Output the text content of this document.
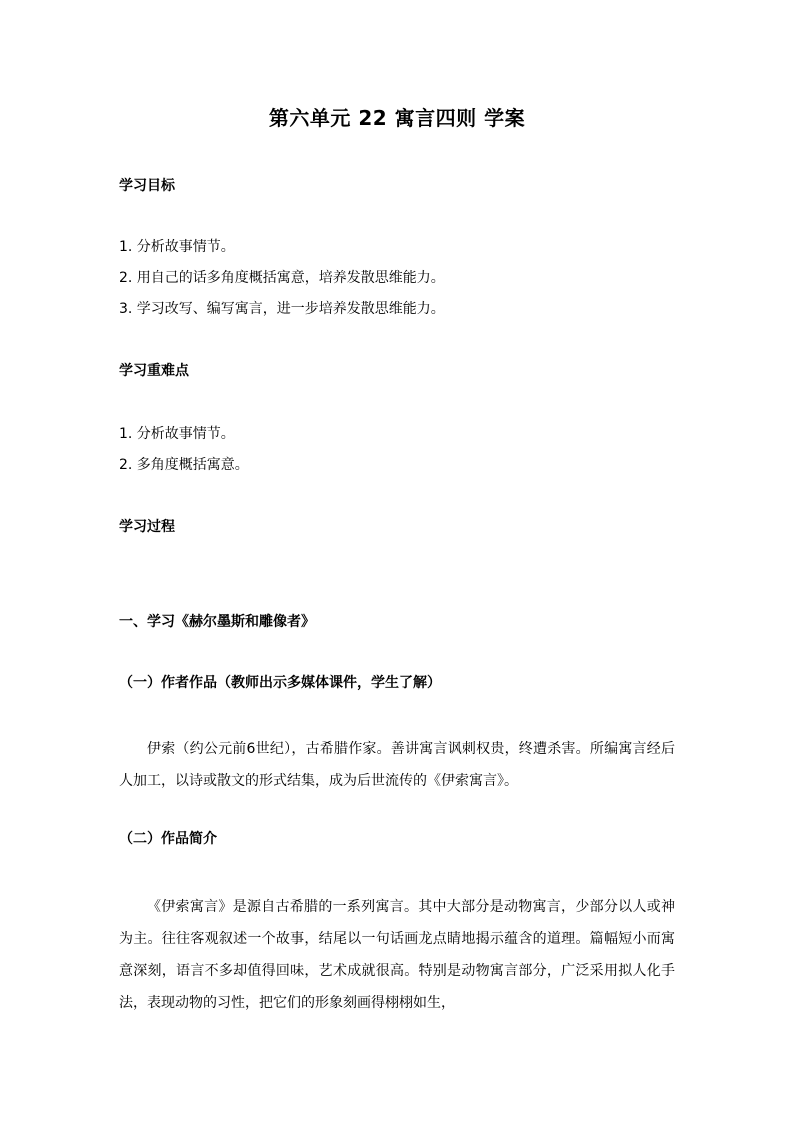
第六单元 22 寓言四则 学案
学习目标
1. 分析故事情节。
2. 用自己的话多角度概括寓意，培养发散思维能力。
3. 学习改写、编写寓言，进一步培养发散思维能力。
学习重难点
1. 分析故事情节。
2. 多角度概括寓意。
学习过程
一、学习《赫尔墨斯和雕像者》
（一）作者作品（教师出示多媒体课件，学生了解）
伊索（约公元前6世纪），古希腊作家。善讲寓言讽刺权贵，终遭杀害。所编寓言经后人加工，以诗或散文的形式结集，成为后世流传的《伊索寓言》。
（二）作品简介
《伊索寓言》是源自古希腊的一系列寓言。其中大部分是动物寓言，少部分以人或神为主。往往客观叙述一个故事，结尾以一句话画龙点睛地揭示蕴含的道理。篇幅短小而寓意深刻，语言不多却值得回味，艺术成就很高。特别是动物寓言部分，广泛采用拟人化手法，表现动物的习性，把它们的形象刻画得栩栩如生，
